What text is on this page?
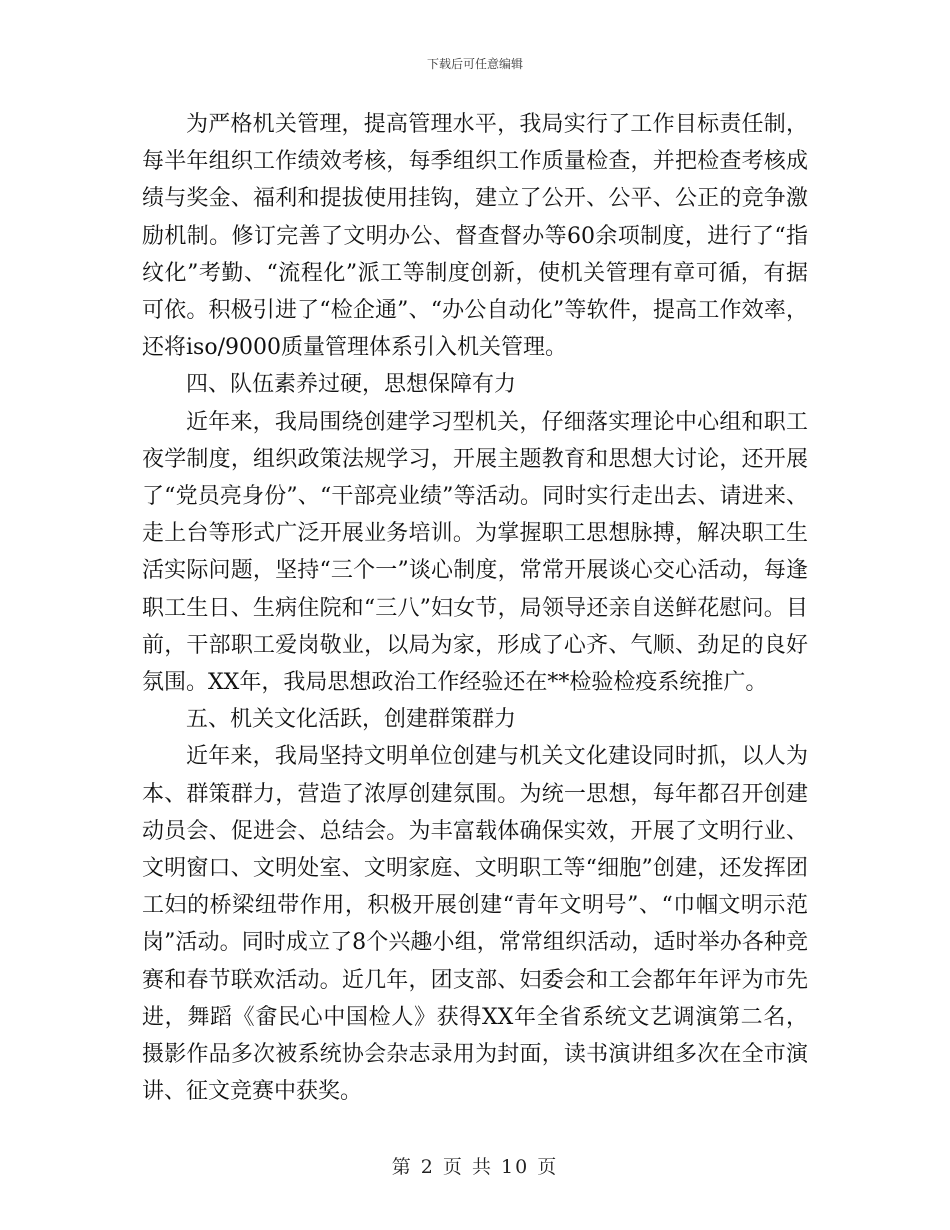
下载后可任意编辑

为严格机关管理，提高管理水平，我局实行了工作目标责任制，每半年组织工作绩效考核，每季组织工作质量检查，并把检查考核成绩与奖金、福利和提拔使用挂钩，建立了公开、公平、公正的竞争激励机制。修订完善了文明办公、督查督办等60余项制度，进行了“指纹化”考勤、“流程化”派工等制度创新，使机关管理有章可循，有据可依。积极引进了“检企通”、“办公自动化”等软件，提高工作效率，还将iso/9000质量管理体系引入机关管理。

四、队伍素养过硬，思想保障有力

近年来，我局围绕创建学习型机关，仔细落实理论中心组和职工夜学制度，组织政策法规学习，开展主题教育和思想大讨论，还开展了“党员亮身份”、“干部亮业绩”等活动。同时实行走出去、请进来、走上台等形式广泛开展业务培训。为掌握职工思想脉搏，解决职工生活实际问题，坚持“三个一”谈心制度，常常开展谈心交心活动，每逢职工生日、生病住院和“三八”妇女节，局领导还亲自送鲜花慰问。目前，干部职工爱岗敬业，以局为家，形成了心齐、气顺、劲足的良好氛围。XX年，我局思想政治工作经验还在**检验检疫系统推广。

五、机关文化活跃，创建群策群力

近年来，我局坚持文明单位创建与机关文化建设同时抓，以人为本、群策群力，营造了浓厚创建氛围。为统一思想，每年都召开创建动员会、促进会、总结会。为丰富载体确保实效，开展了文明行业、文明窗口、文明处室、文明家庭、文明职工等“细胞”创建，还发挥团工妇的桥梁纽带作用，积极开展创建“青年文明号”、“巾帼文明示范岗”活动。同时成立了8个兴趣小组，常常组织活动，适时举办各种竞赛和春节联欢活动。近几年，团支部、妇委会和工会都年年评为市先进，舞蹈《畲民心中国检人》获得XX年全省系统文艺调演第二名，摄影作品多次被系统协会杂志录用为封面，读书演讲组多次在全市演讲、征文竞赛中获奖。

第 2 页 共 10 页
